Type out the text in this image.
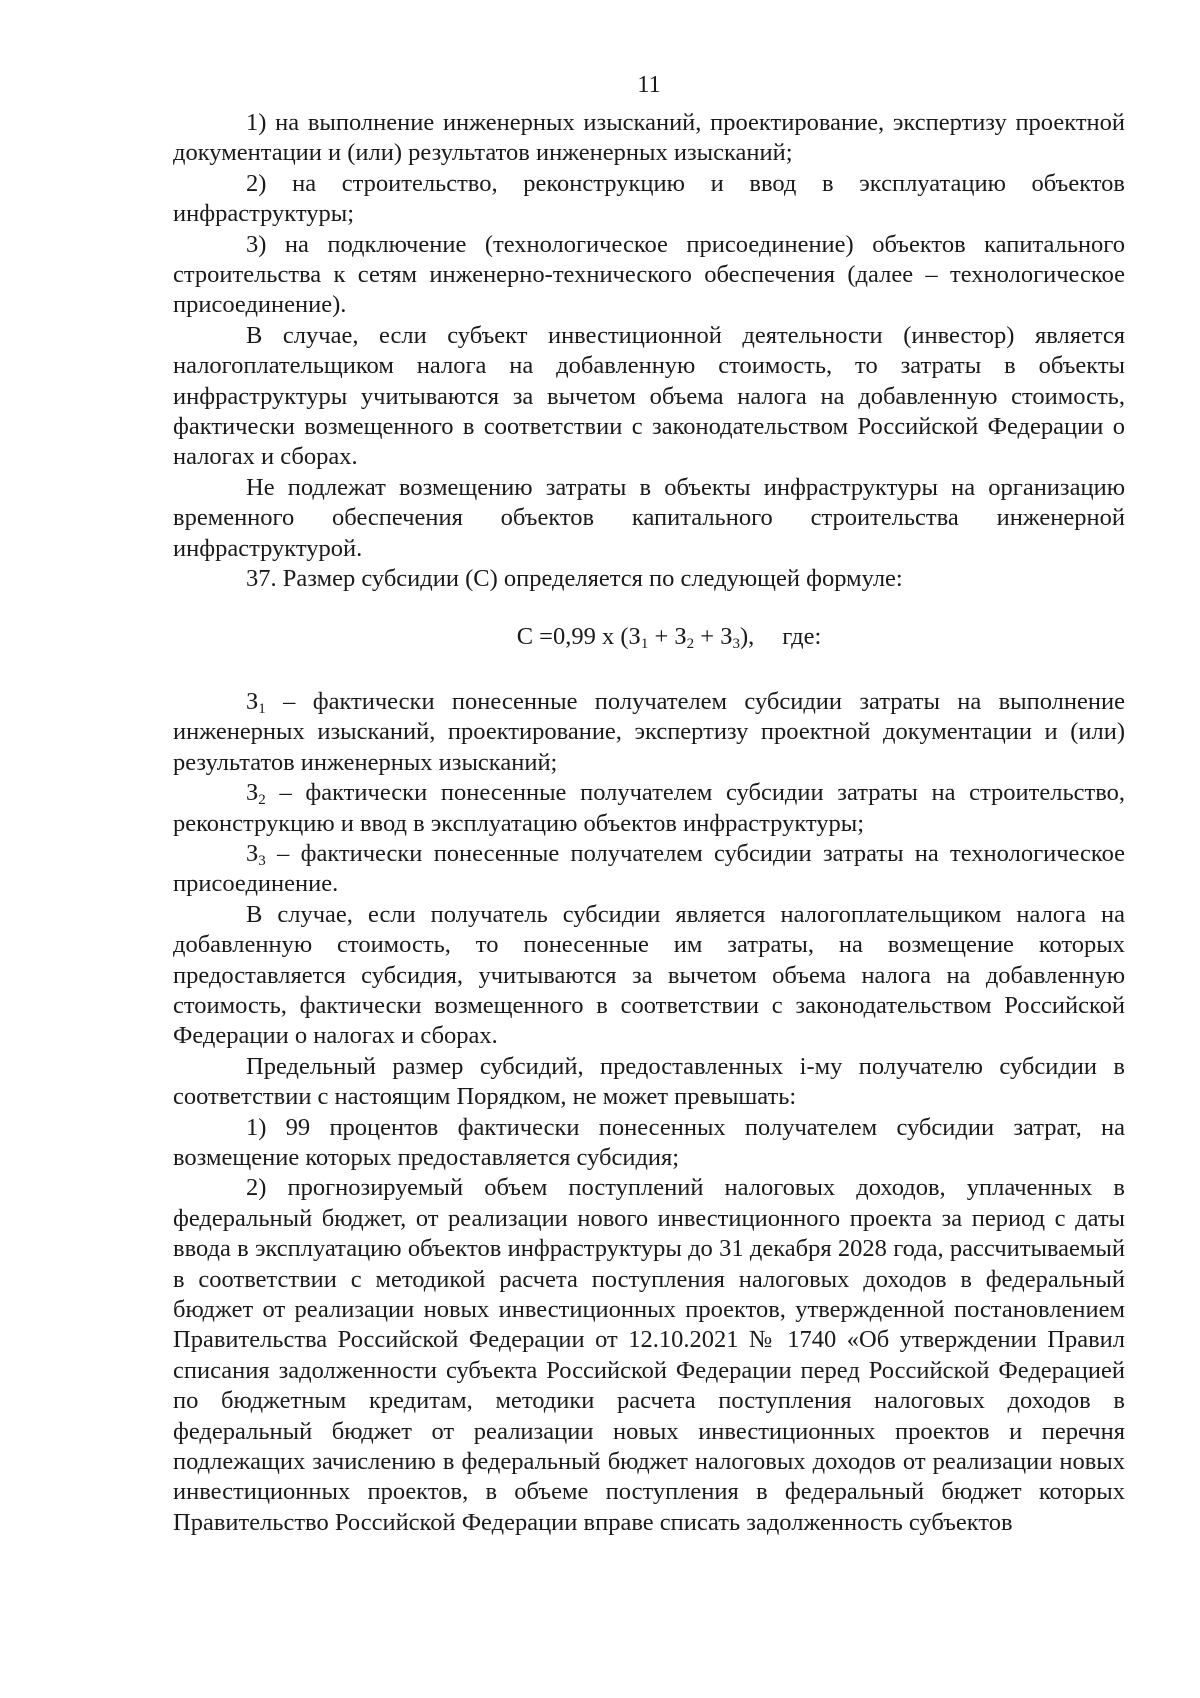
11

1) на выполнение инженерных изысканий, проектирование, экспертизу проектной документации и (или) результатов инженерных изысканий;

2) на строительство, реконструкцию и ввод в эксплуатацию объектов инфраструктуры;

3) на подключение (технологическое присоединение) объектов капитального строительства к сетям инженерно-технического обеспечения (далее – технологическое присоединение).

В случае, если субъект инвестиционной деятельности (инвестор) является налогоплательщиком налога на добавленную стоимость, то затраты в объекты инфраструктуры учитываются за вычетом объема налога на добавленную стоимость, фактически возмещенного в соответствии с законодательством Российской Федерации о налогах и сборах.

Не подлежат возмещению затраты в объекты инфраструктуры на организацию временного обеспечения объектов капитального строительства инженерной инфраструктурой.

37. Размер субсидии (С) определяется по следующей формуле:

С =0,99 х $(З_1 + З_2 + З_3)$, где:

$З_1$ – фактически понесенные получателем субсидии затраты на выполнение инженерных изысканий, проектирование, экспертизу проектной документации и (или) результатов инженерных изысканий;

$З_2$ – фактически понесенные получателем субсидии затраты на строительство, реконструкцию и ввод в эксплуатацию объектов инфраструктуры;

$З_3$ – фактически понесенные получателем субсидии затраты на технологическое присоединение.

В случае, если получатель субсидии является налогоплательщиком налога на добавленную стоимость, то понесенные им затраты, на возмещение которых предоставляется субсидия, учитываются за вычетом объема налога на добавленную стоимость, фактически возмещенного в соответствии с законодательством Российской Федерации о налогах и сборах.

Предельный размер субсидий, предоставленных i-му получателю субсидии в соответствии с настоящим Порядком, не может превышать:

1) 99 процентов фактически понесенных получателем субсидии затрат, на возмещение которых предоставляется субсидия;

2) прогнозируемый объем поступлений налоговых доходов, уплаченных в федеральный бюджет, от реализации нового инвестиционного проекта за период с даты ввода в эксплуатацию объектов инфраструктуры до 31 декабря 2028 года, рассчитываемый в соответствии с методикой расчета поступления налоговых доходов в федеральный бюджет от реализации новых инвестиционных проектов, утвержденной постановлением Правительства Российской Федерации от 12.10.2021 № 1740 «Об утверждении Правил списания задолженности субъекта Российской Федерации перед Российской Федерацией по бюджетным кредитам, методики расчета поступления налоговых доходов в федеральный бюджет от реализации новых инвестиционных проектов и перечня подлежащих зачислению в федеральный бюджет налоговых доходов от реализации новых инвестиционных проектов, в объеме поступления в федеральный бюджет которых Правительство Российской Федерации вправе списать задолженность субъектов
